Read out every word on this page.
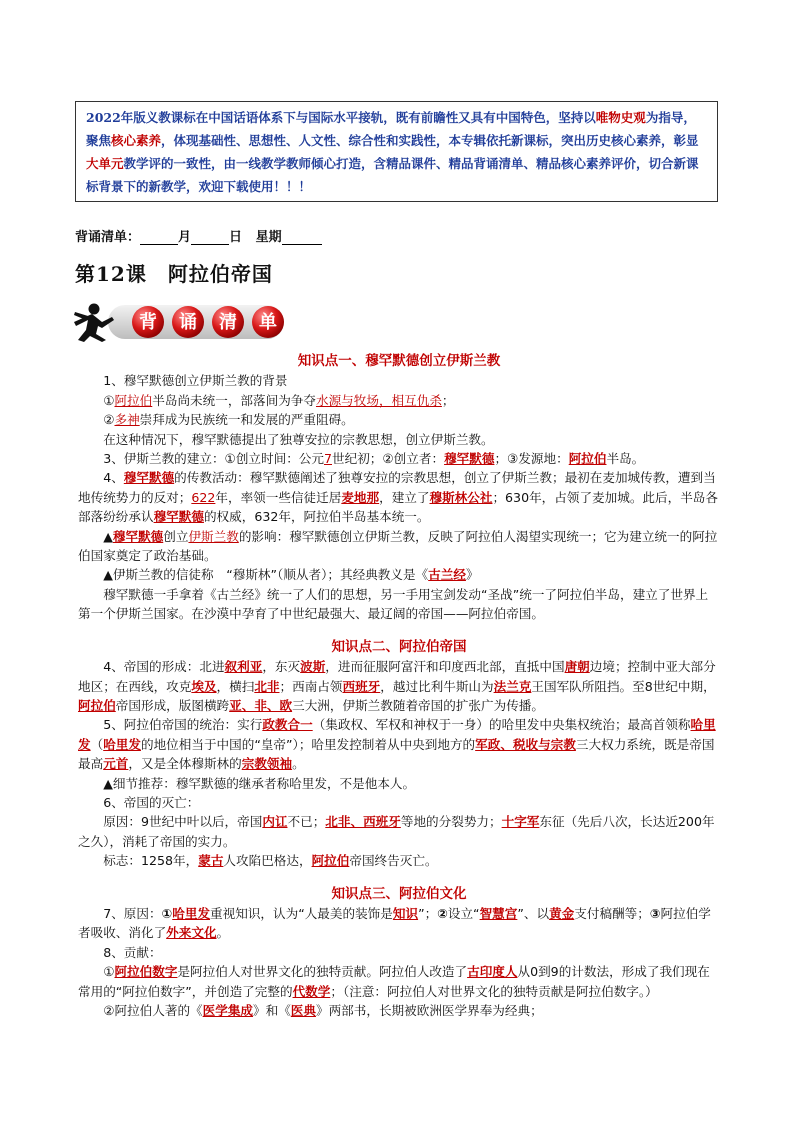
2022年版义教课标在中国话语体系下与国际水平接轨，既有前瞻性又具有中国特色，坚持以唯物史观为指导，聚焦核心素养，体现基础性、思想性、人文性、综合性和实践性，本专辑依托新课标，突出历史核心素养，彰显大单元教学评的一致性，由一线教学教师倾心打造，含精品课件、精品背诵清单、精品核心素养评价，切合新课标背景下的新教学，欢迎下载使用！！！
背诵清单：	月	日 星期
第12课　阿拉伯帝国
背 诵 清 单

知识点一、穆罕默德创立伊斯兰教

1、穆罕默德创立伊斯兰教的背景

①阿拉伯半岛尚未统一，部落间为争夺水源与牧场，相互仇杀；

②多神崇拜成为民族统一和发展的严重阻碍。

在这种情况下，穆罕默德提出了独尊安拉的宗教思想，创立伊斯兰教。

3、伊斯兰教的建立：①创立时间：公元7世纪初；②创立者：穆罕默德；③发源地：阿拉伯半岛。

4、穆罕默德的传教活动：穆罕默德阐述了独尊安拉的宗教思想，创立了伊斯兰教；最初在麦加城传教，遭到当地传统势力的反对；622年，率领一些信徒迁居麦地那，建立了穆斯林公社；630年，占领了麦加城。此后，半岛各部落纷纷承认穆罕默德的权威，632年，阿拉伯半岛基本统一。

▲穆罕默德创立伊斯兰教的影响：穆罕默德创立伊斯兰教，反映了阿拉伯人渴望实现统一；它为建立统一的阿拉伯国家奠定了政治基础。

▲伊斯兰教的信徒称　“穆斯林”（顺从者）；其经典教义是《古兰经》

穆罕默德一手拿着《古兰经》统一了人们的思想，另一手用宝剑发动“圣战”统一了阿拉伯半岛，建立了世界上第一个伊斯兰国家。在沙漠中孕育了中世纪最强大、最辽阔的帝国——阿拉伯帝国。

知识点二、阿拉伯帝国

4、帝国的形成：北进叙利亚，东灭波斯，进而征服阿富汗和印度西北部，直抵中国唐朝边境；控制中亚大部分地区；在西线，攻克埃及，横扫北非；西南占领西班牙，越过比利牛斯山为法兰克王国军队所阻挡。至8世纪中期，阿拉伯帝国形成，版图横跨亚、非、欧三大洲，伊斯兰教随着帝国的扩张广为传播。

5、阿拉伯帝国的统治：实行政教合一（集政权、军权和神权于一身）的哈里发中央集权统治；最高首领称哈里发（哈里发的地位相当于中国的“皇帝”）；哈里发控制着从中央到地方的军政、税收与宗教三大权力系统，既是帝国最高元首，又是全体穆斯林的宗教领袖。

▲细节推荐：穆罕默德的继承者称哈里发，不是他本人。

6、帝国的灭亡：

原因：9世纪中叶以后，帝国内讧不已；北非、西班牙等地的分裂势力；十字军东征（先后八次，长达近200年之久），消耗了帝国的实力。

标志：1258年，蒙古人攻陷巴格达，阿拉伯帝国终告灭亡。

知识点三、阿拉伯文化

7、原因：①哈里发重视知识，认为“人最美的装饰是知识”；②设立“智慧宫”、以黄金支付稿酬等；③阿拉伯学者吸收、消化了外来文化。

8、贡献：

①阿拉伯数字是阿拉伯人对世界文化的独特贡献。阿拉伯人改造了古印度人从0到9的计数法，形成了我们现在常用的“阿拉伯数字”，并创造了完整的代数学；（注意：阿拉伯人对世界文化的独特贡献是阿拉伯数字。）

②阿拉伯人著的《医学集成》和《医典》两部书，长期被欧洲医学界奉为经典；
